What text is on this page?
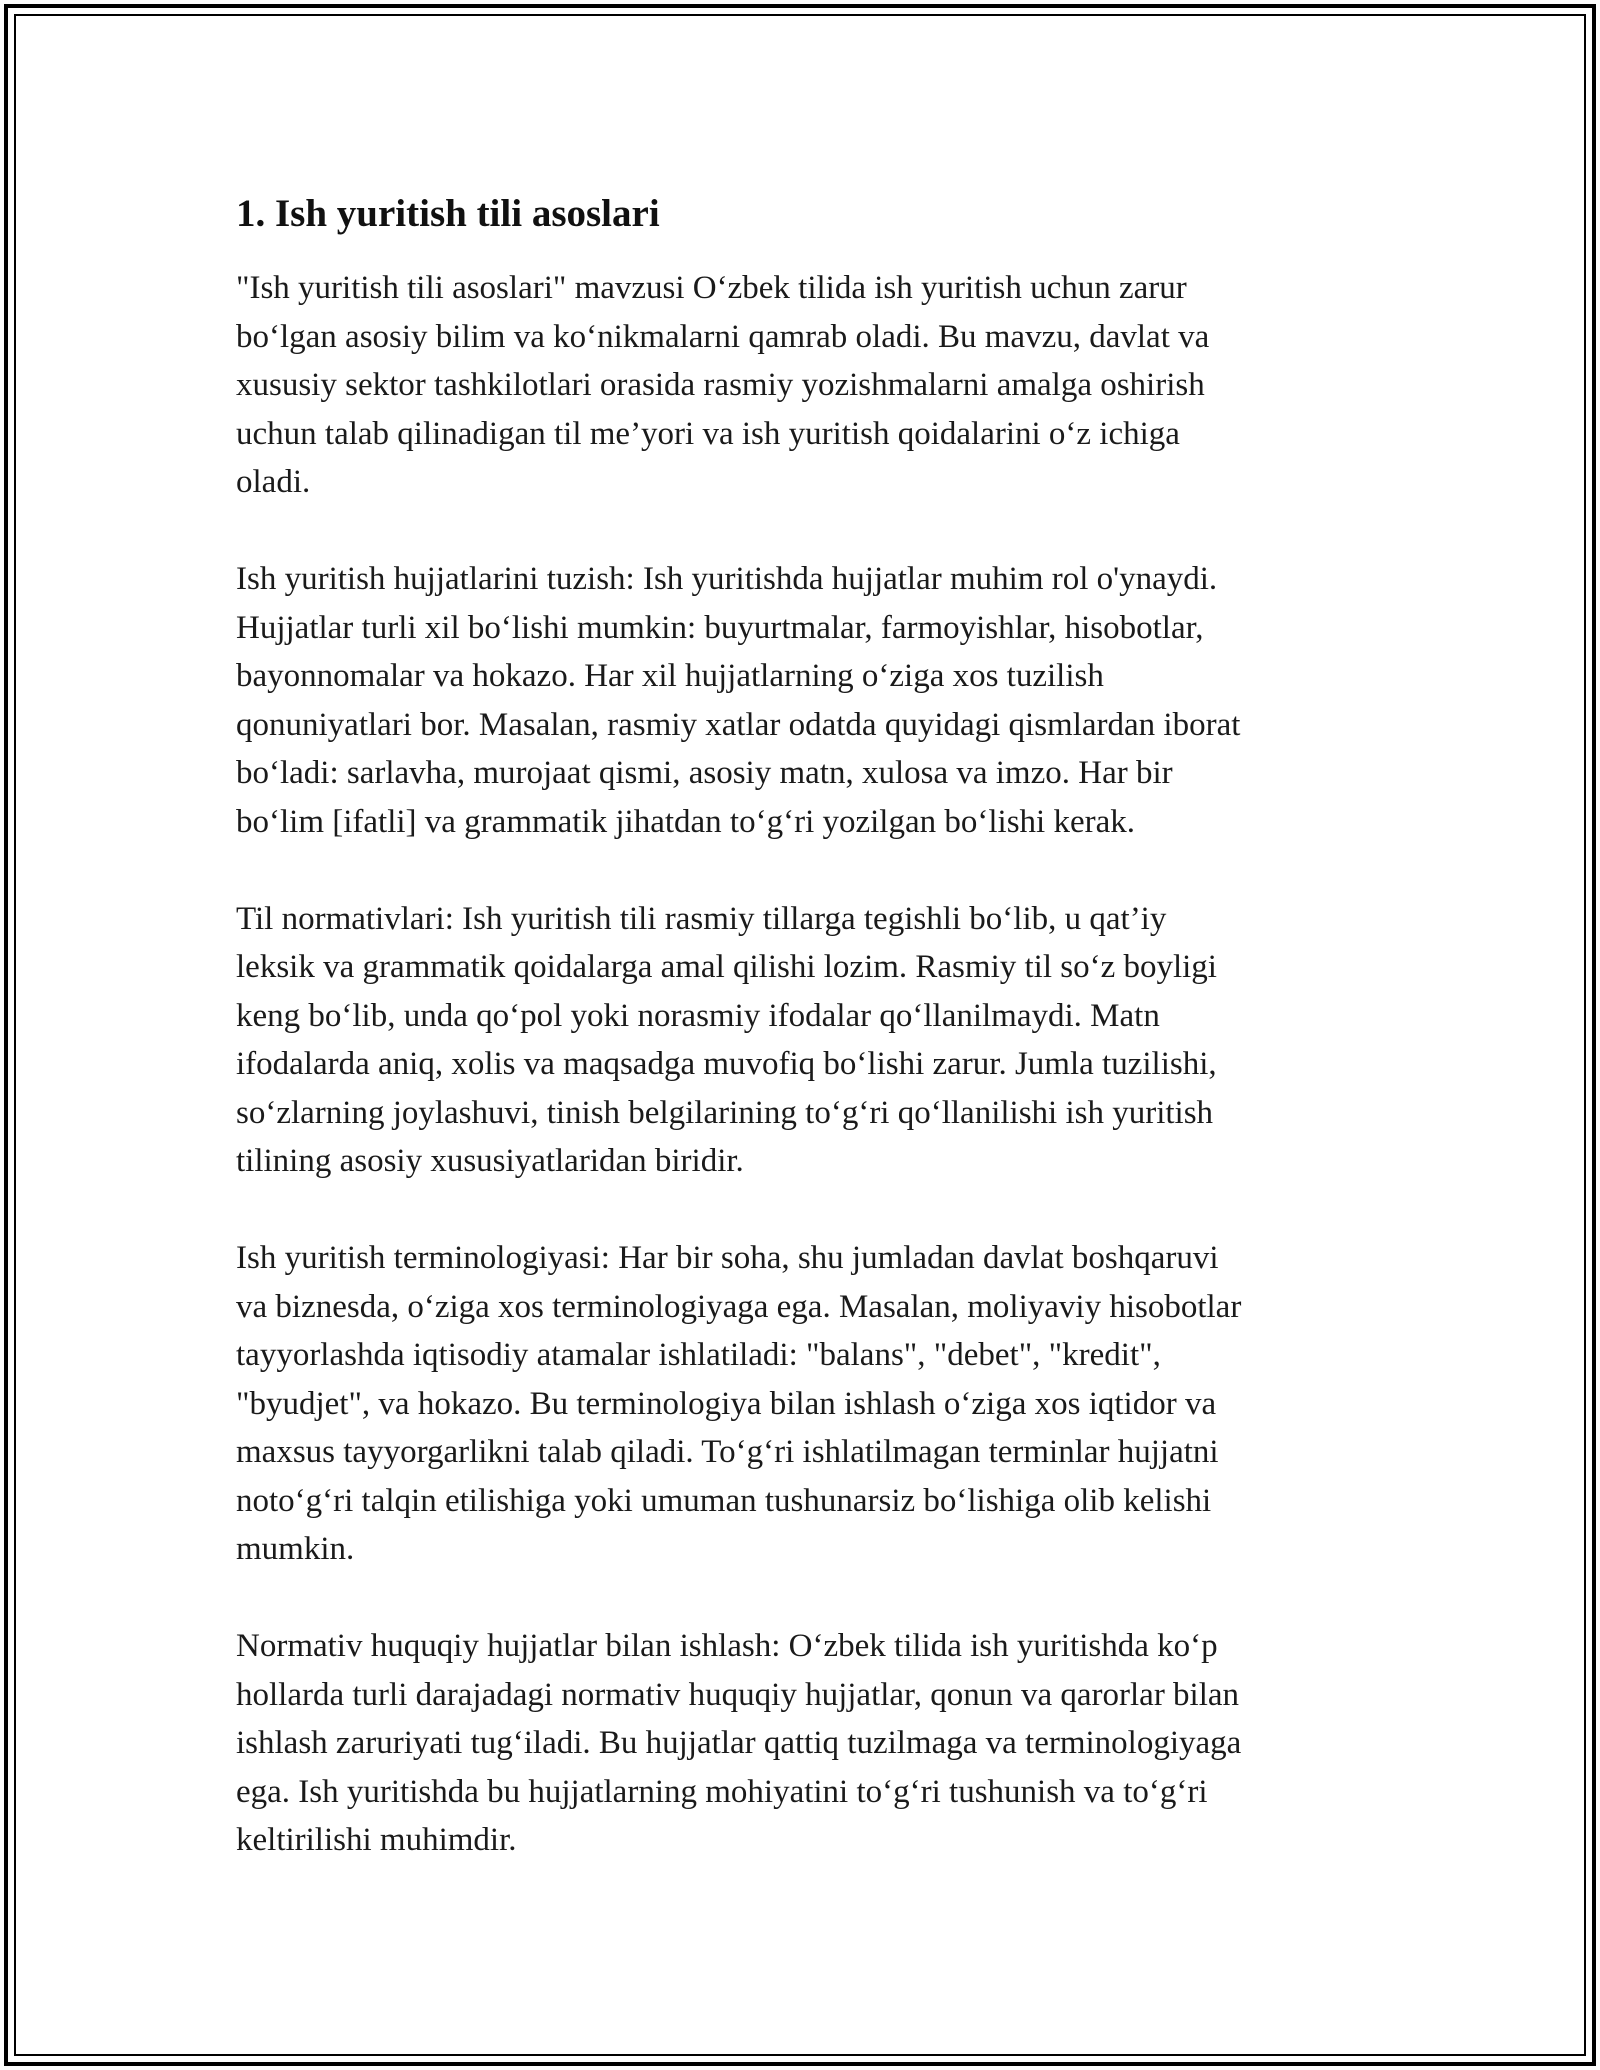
1. Ish yuritish tili asoslari
"Ish yuritish tili asoslari" mavzusi O‘zbek tilida ish yuritish uchun zarur
bo‘lgan asosiy bilim va ko‘nikmalarni qamrab oladi. Bu mavzu, davlat va
xususiy sektor tashkilotlari orasida rasmiy yozishmalarni amalga oshirish
uchun talab qilinadigan til me’yori va ish yuritish qoidalarini o‘z ichiga
oladi.
Ish yuritish hujjatlarini tuzish: Ish yuritishda hujjatlar muhim rol o'ynaydi.
Hujjatlar turli xil bo‘lishi mumkin: buyurtmalar, farmoyishlar, hisobotlar,
bayonnomalar va hokazo. Har xil hujjatlarning o‘ziga xos tuzilish
qonuniyatlari bor. Masalan, rasmiy xatlar odatda quyidagi qismlardan iborat
bo‘ladi: sarlavha, murojaat qismi, asosiy matn, xulosa va imzo. Har bir
bo‘lim [ifatli] va grammatik jihatdan to‘g‘ri yozilgan bo‘lishi kerak.
Til normativlari: Ish yuritish tili rasmiy tillarga tegishli bo‘lib, u qat’iy
leksik va grammatik qoidalarga amal qilishi lozim. Rasmiy til so‘z boyligi
keng bo‘lib, unda qo‘pol yoki norasmiy ifodalar qo‘llanilmaydi. Matn
ifodalarda aniq, xolis va maqsadga muvofiq bo‘lishi zarur. Jumla tuzilishi,
so‘zlarning joylashuvi, tinish belgilarining to‘g‘ri qo‘llanilishi ish yuritish
tilining asosiy xususiyatlaridan biridir.
Ish yuritish terminologiyasi: Har bir soha, shu jumladan davlat boshqaruvi
va biznesda, o‘ziga xos terminologiyaga ega. Masalan, moliyaviy hisobotlar
tayyorlashda iqtisodiy atamalar ishlatiladi: "balans", "debet", "kredit",
"byudjet", va hokazo. Bu terminologiya bilan ishlash o‘ziga xos iqtidor va
maxsus tayyorgarlikni talab qiladi. To‘g‘ri ishlatilmagan terminlar hujjatni
noto‘g‘ri talqin etilishiga yoki umuman tushunarsiz bo‘lishiga olib kelishi
mumkin.
Normativ huquqiy hujjatlar bilan ishlash: O‘zbek tilida ish yuritishda ko‘p
hollarda turli darajadagi normativ huquqiy hujjatlar, qonun va qarorlar bilan
ishlash zaruriyati tug‘iladi. Bu hujjatlar qattiq tuzilmaga va terminologiyaga
ega. Ish yuritishda bu hujjatlarning mohiyatini to‘g‘ri tushunish va to‘g‘ri
keltirilishi muhimdir.
